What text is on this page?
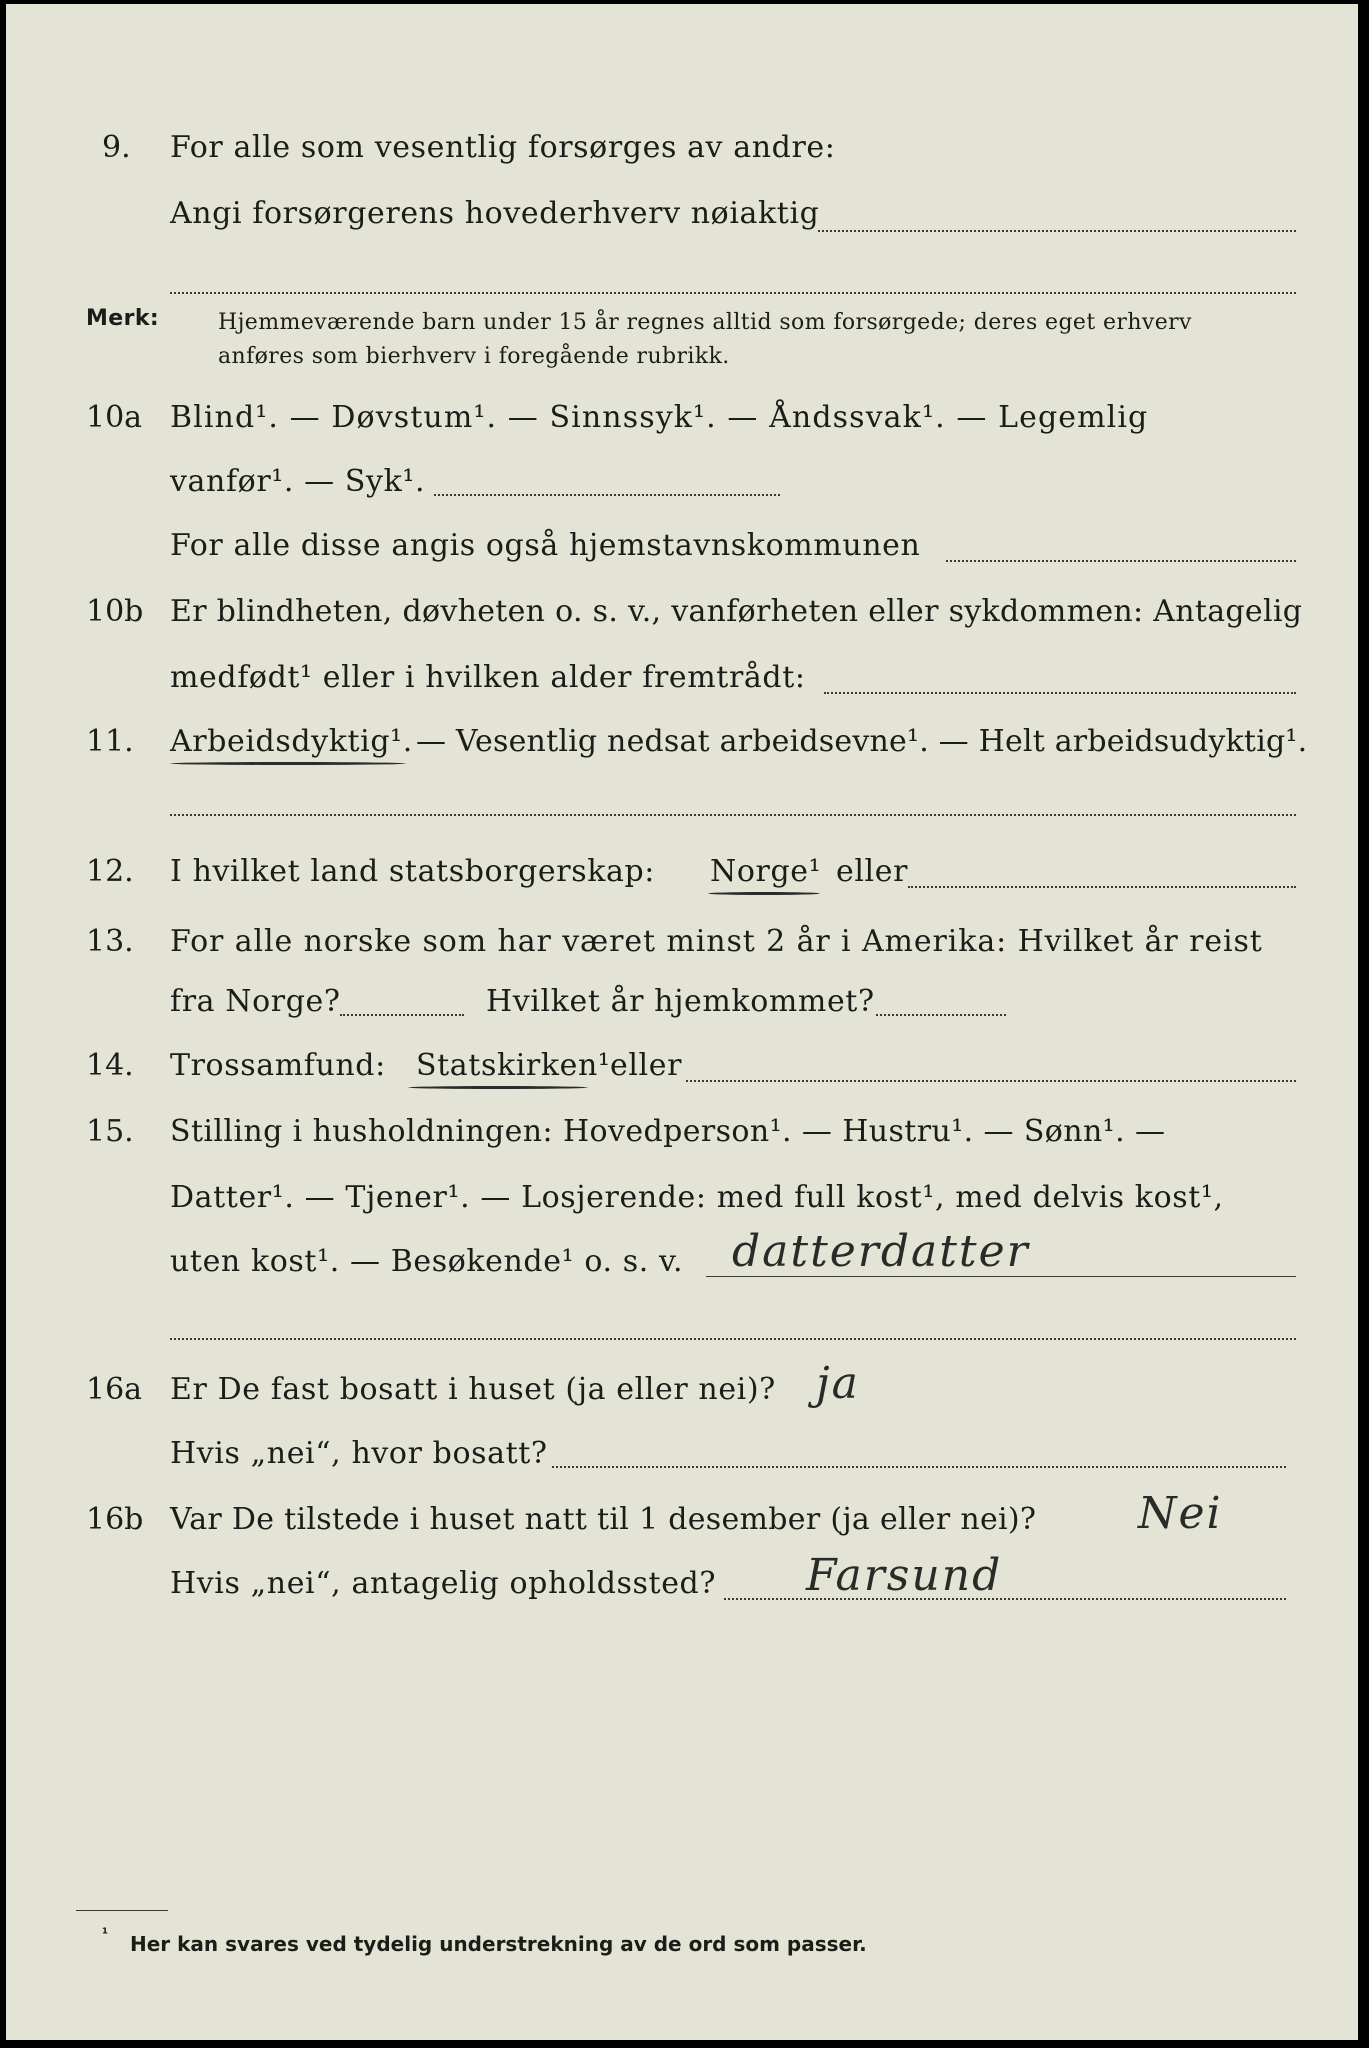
9. For alle som vesentlig forsørges av andre:
Angi forsørgerens hovederhverv nøiaktig
Merk:	Hjemmeværende barn under 15 år regnes alltid som forsørgede; deres eget erhverv
anføres som bierhverv i foregående rubrikk.
10a Blind¹. — Døvstum¹. — Sinnssyk¹. — Åndssvak¹. — Legemlig
vanfør¹. — Syk¹.
For alle disse angis også hjemstavnskommunen
10b Er blindheten, døvheten o. s. v., vanførheten eller sykdommen: Antagelig
medfødt¹ eller i hvilken alder fremtrådt:
11. Arbeidsdyktig¹. — Vesentlig nedsat arbeidsevne¹. — Helt arbeidsudyktig¹.
12. I hvilket land statsborgerskap: Norge¹ eller
13. For alle norske som har været minst 2 år i Amerika: Hvilket år reist
fra Norge?	Hvilket år hjemkommet?
14. Trossamfund: Statskirken¹ eller
15. Stilling i husholdningen: Hovedperson¹. — Hustru¹. — Sønn¹. —
Datter¹. — Tjener¹. — Losjerende: med full kost¹, med delvis kost¹,
uten kost¹. — Besøkende¹ o. s. v. datterdatter
16a Er De fast bosatt i huset (ja eller nei)? ja
Hvis „nei“, hvor bosatt?
16b Var De tilstede i huset natt til 1 desember (ja eller nei)? Nei
Hvis „nei“, antagelig opholdssted? Farsund
¹ Her kan svares ved tydelig understrekning av de ord som passer.
